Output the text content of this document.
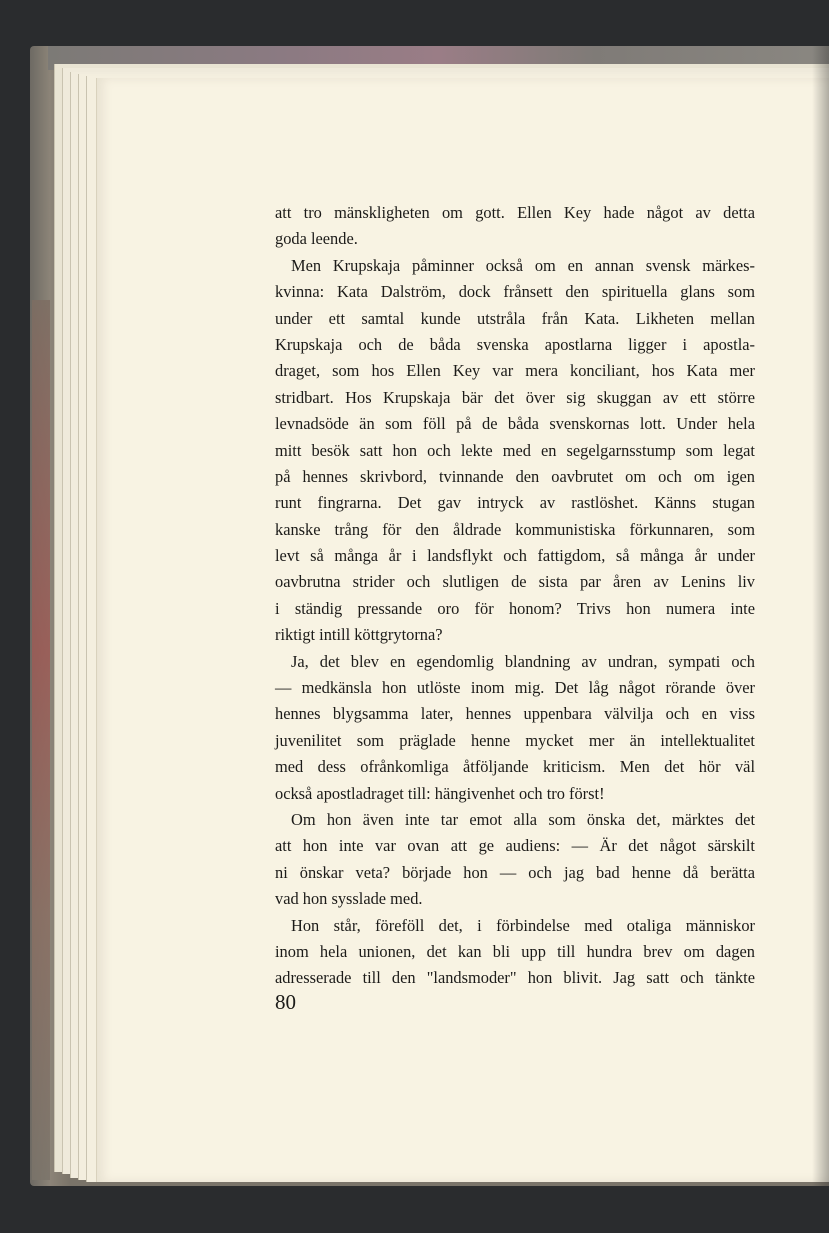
att tro mänskligheten om gott. Ellen Key hade något av detta
goda leende.
Men Krupskaja påminner också om en annan svensk märkes-
kvinna: Kata Dalström, dock frånsett den spirituella glans som
under ett samtal kunde utstråla från Kata. Likheten mellan
Krupskaja och de båda svenska apostlarna ligger i apostla-
draget, som hos Ellen Key var mera konciliant, hos Kata mer
stridbart. Hos Krupskaja bär det över sig skuggan av ett större
levnadsöde än som föll på de båda svenskornas lott. Under hela
mitt besök satt hon och lekte med en segelgarnsstump som legat
på hennes skrivbord, tvinnande den oavbrutet om och om igen
runt fingrarna. Det gav intryck av rastlöshet. Känns stugan
kanske trång för den åldrade kommunistiska förkunnaren, som
levt så många år i landsflykt och fattigdom, så många år under
oavbrutna strider och slutligen de sista par åren av Lenins liv
i ständig pressande oro för honom? Trivs hon numera inte
riktigt intill köttgrytorna?
Ja, det blev en egendomlig blandning av undran, sympati och
— medkänsla hon utlöste inom mig. Det låg något rörande över
hennes blygsamma later, hennes uppenbara välvilja och en viss
juvenilitet som präglade henne mycket mer än intellektualitet
med dess ofrånkomliga åtföljande kriticism. Men det hör väl
också apostladraget till: hängivenhet och tro först!
Om hon även inte tar emot alla som önska det, märktes det
att hon inte var ovan att ge audiens: — Är det något särskilt
ni önskar veta? började hon — och jag bad henne då berätta
vad hon sysslade med.
Hon står, föreföll det, i förbindelse med otaliga människor
inom hela unionen, det kan bli upp till hundra brev om dagen
adresserade till den "landsmoder" hon blivit. Jag satt och tänkte
80
